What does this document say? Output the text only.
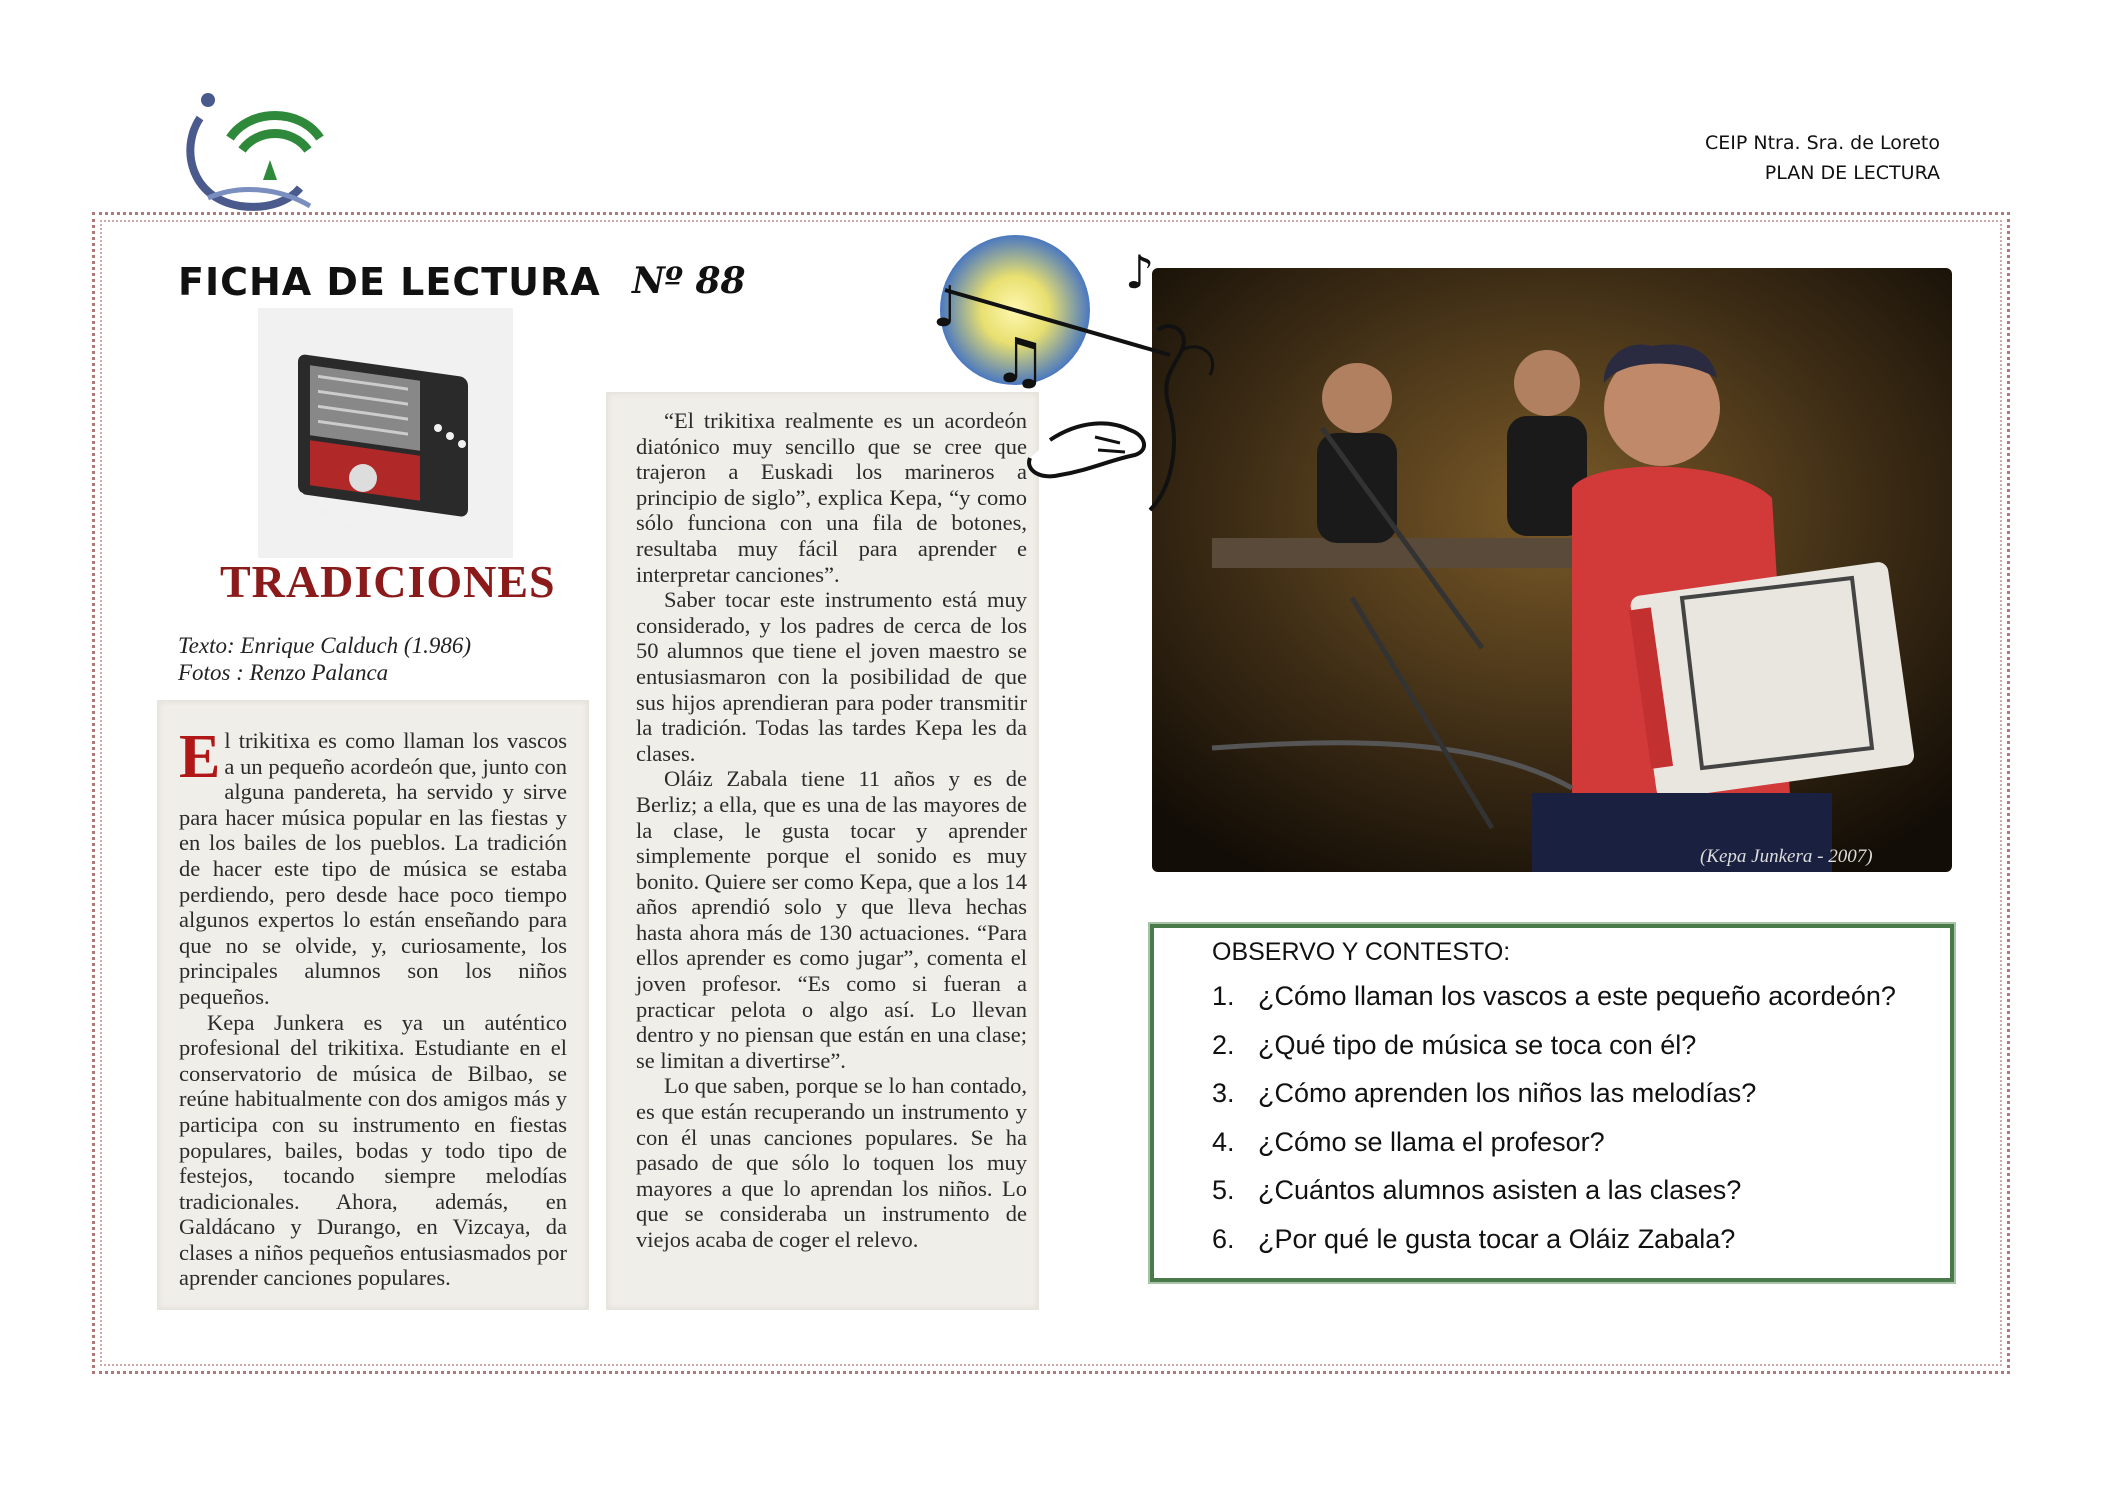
CEIP Ntra. Sra. de Loreto
PLAN DE LECTURA
FICHA DE LECTURA Nº 88
TRADICIONES
Texto: Enrique Calduch (1.986)
Fotos : Renzo Palanca

El trikitixa es como llaman los vascos a un pequeño acordeón que, junto con alguna pandereta, ha servido y sirve para hacer música popular en las fiestas y en los bailes de los pueblos. La tradición de hacer este tipo de música se estaba perdiendo, pero desde hace poco tiempo algunos expertos lo están enseñando para que no se olvide, y, curiosamente, los principales alumnos son los niños pequeños.

Kepa Junkera es ya un auténtico profesional del trikitixa. Estudiante en el conservatorio de música de Bilbao, se reúne habitualmente con dos amigos más y participa con su instrumento en fiestas populares, bailes, bodas y todo tipo de festejos, tocando siempre melodías tradicionales. Ahora, además, en Galdácano y Durango, en Vizcaya, da clases a niños pequeños entusiasmados por aprender canciones populares.

“El trikitixa realmente es un acordeón diatónico muy sencillo que se cree que trajeron a Euskadi los marineros a principio de siglo”, explica Kepa, “y como sólo funciona con una fila de botones, resultaba muy fácil para aprender e interpretar canciones”.

Saber tocar este instrumento está muy considerado, y los padres de cerca de los 50 alumnos que tiene el joven maestro se entusiasmaron con la posibilidad de que sus hijos aprendieran para poder transmitir la tradición. Todas las tardes Kepa les da clases.

Oláiz Zabala tiene 11 años y es de Berliz; a ella, que es una de las mayores de la clase, le gusta tocar y aprender simplemente porque el sonido es muy bonito. Quiere ser como Kepa, que a los 14 años aprendió solo y que lleva hechas hasta ahora más de 130 actuaciones. “Para ellos aprender es como jugar”, comenta el joven profesor. “Es como si fueran a practicar pelota o algo así. Lo llevan dentro y no piensan que están en una clase; se limitan a divertirse”.

Lo que saben, porque se lo han contado, es que están recuperando un instrumento y con él unas canciones populares. Se ha pasado de que sólo lo toquen los muy mayores a que lo aprendan los niños. Lo que se consideraba un instrumento de viejos acaba de coger el relevo.

(Kepa Junkera - 2007)
♩
♫
♪
OBSERVO Y CONTESTO:
1. ¿Cómo llaman los vascos a este pequeño acordeón?
2. ¿Qué tipo de música se toca con él?
3. ¿Cómo aprenden los niños las melodías?
4. ¿Cómo se llama el profesor?
5. ¿Cuántos alumnos asisten a las clases?
6. ¿Por qué le gusta tocar a Oláiz Zabala?
